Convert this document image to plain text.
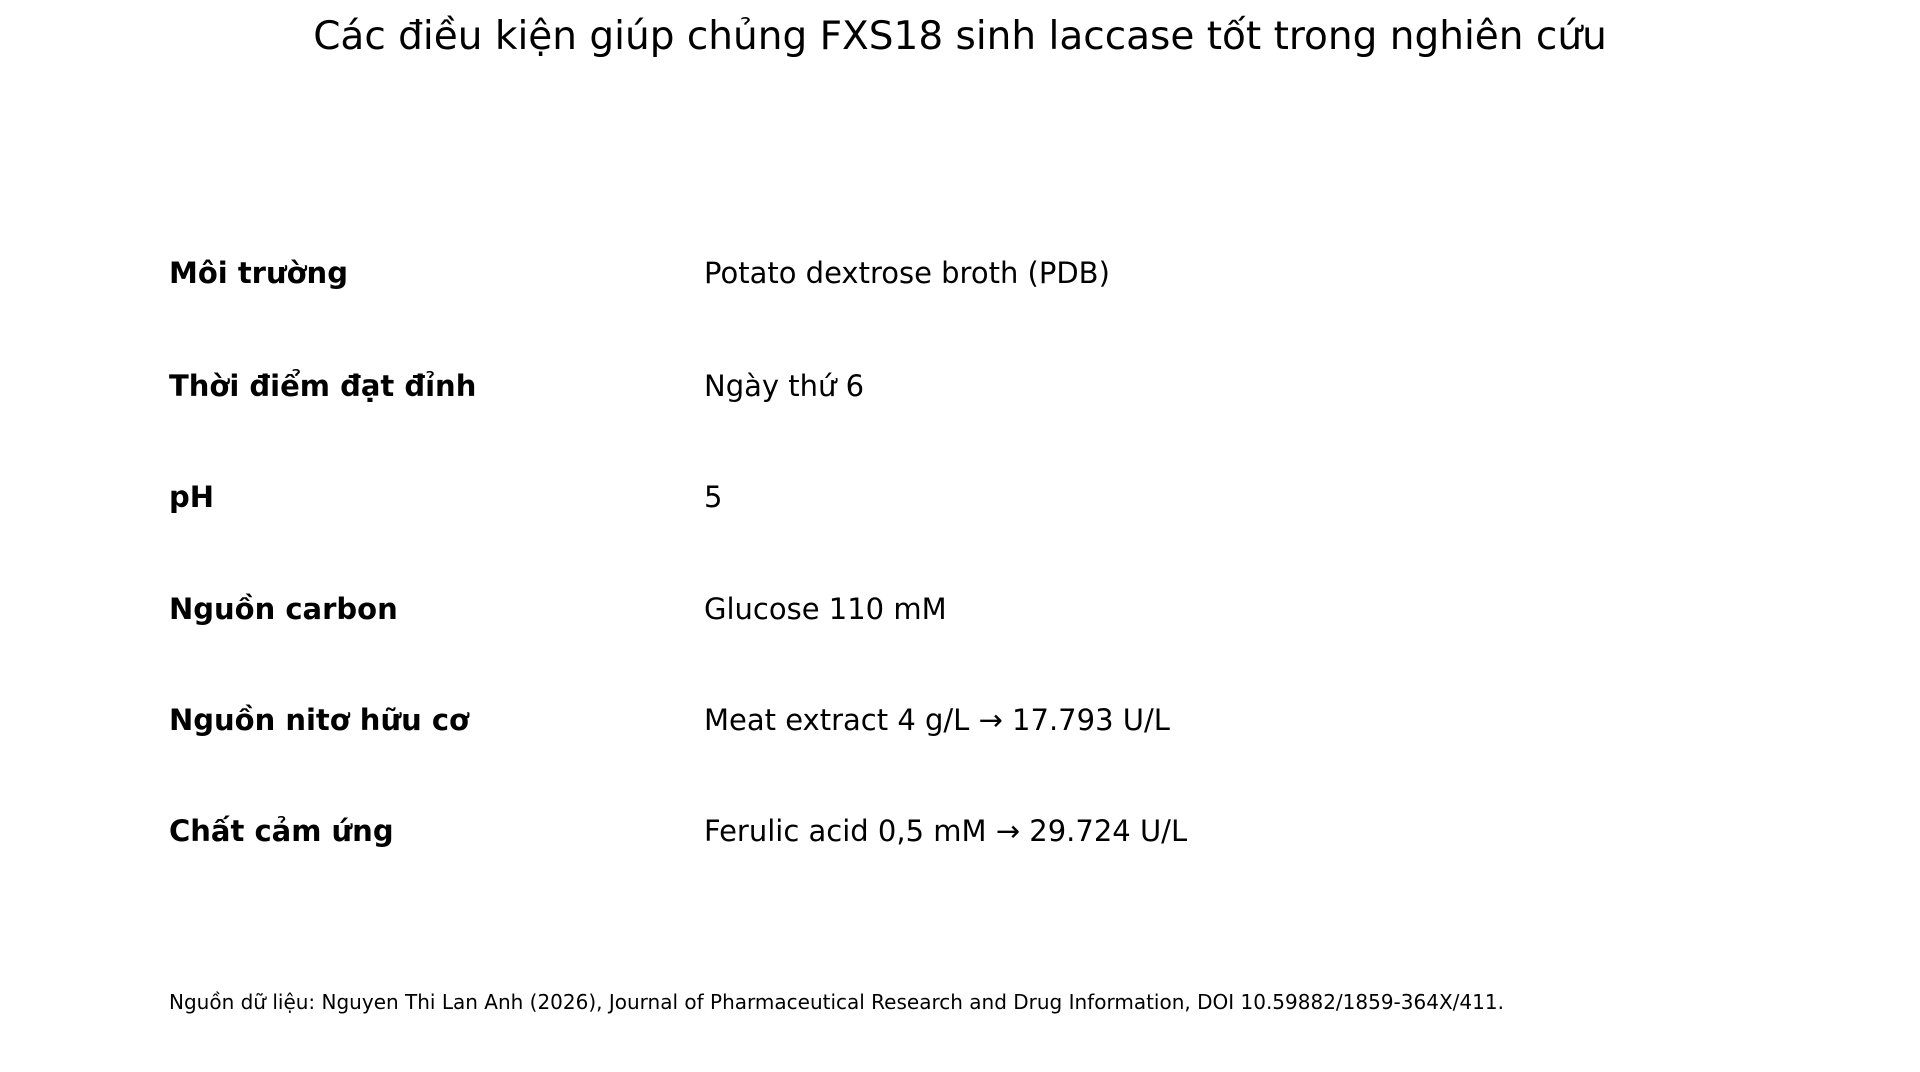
Các điều kiện giúp chủng FXS18 sinh laccase tốt trong nghiên cứu
Môi trường	Potato dextrose broth (PDB)
Thời điểm đạt đỉnh	Ngày thứ 6
pH	5
Nguồn carbon	Glucose 110 mM
Nguồn nitơ hữu cơ	Meat extract 4 g/L → 17.793 U/L
Chất cảm ứng	Ferulic acid 0,5 mM → 29.724 U/L
Nguồn dữ liệu: Nguyen Thi Lan Anh (2026), Journal of Pharmaceutical Research and Drug Information, DOI 10.59882/1859-364X/411.
